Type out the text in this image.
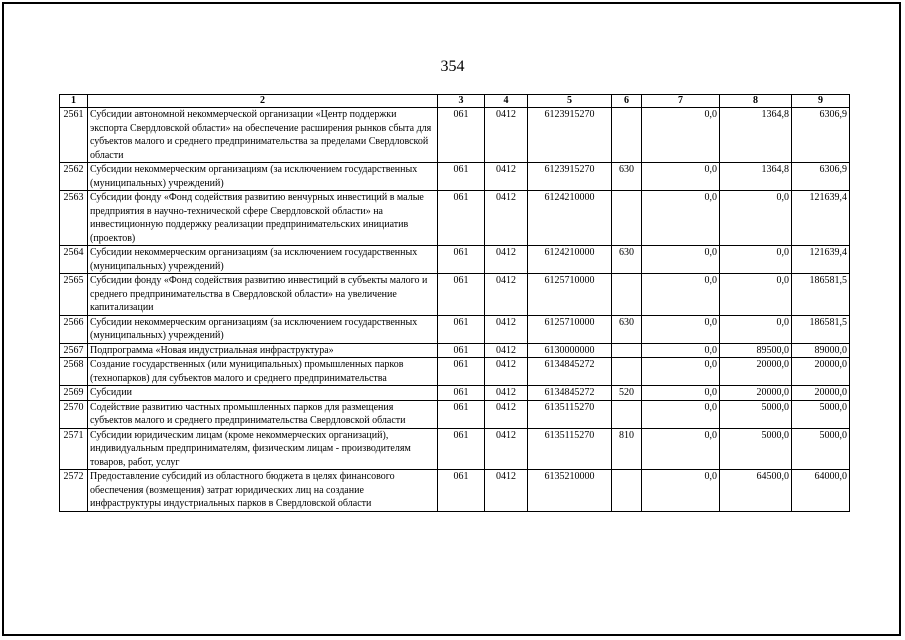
354
1	2	3	4	5	6	7	8	9
2561	Субсидии автономной некоммерческой организации «Центр поддержки экспорта Свердловской области» на обеспечение расширения рынков сбыта для субъектов малого и среднего предпринимательства за пределами Свердловской области	061	0412	6123915270		0,0	1364,8	6306,9
2562	Субсидии некоммерческим организациям (за исключением государственных (муниципальных) учреждений)	061	0412	6123915270	630	0,0	1364,8	6306,9
2563	Субсидии фонду «Фонд содействия развитию венчурных инвестиций в малые предприятия в научно-технической сфере Свердловской области» на инвестиционную поддержку реализации предпринимательских инициатив (проектов)	061	0412	6124210000		0,0	0,0	121639,4
2564	Субсидии некоммерческим организациям (за исключением государственных (муниципальных) учреждений)	061	0412	6124210000	630	0,0	0,0	121639,4
2565	Субсидии фонду «Фонд содействия развитию инвестиций в субъекты малого и среднего предпринимательства в Свердловской области» на увеличение капитализации	061	0412	6125710000		0,0	0,0	186581,5
2566	Субсидии некоммерческим организациям (за исключением государственных (муниципальных) учреждений)	061	0412	6125710000	630	0,0	0,0	186581,5
2567	Подпрограмма «Новая индустриальная инфраструктура»	061	0412	6130000000		0,0	89500,0	89000,0
2568	Создание государственных (или муниципальных) промышленных парков (технопарков) для субъектов малого и среднего предпринимательства	061	0412	6134845272		0,0	20000,0	20000,0
2569	Субсидии	061	0412	6134845272	520	0,0	20000,0	20000,0
2570	Содействие развитию частных промышленных парков для размещения субъектов малого и среднего предпринимательства Свердловской области	061	0412	6135115270		0,0	5000,0	5000,0
2571	Субсидии юридическим лицам (кроме некоммерческих организаций), индивидуальным предпринимателям, физическим лицам - производителям товаров, работ, услуг	061	0412	6135115270	810	0,0	5000,0	5000,0
2572	Предоставление субсидий из областного бюджета в целях финансового обеспечения (возмещения) затрат юридических лиц на создание инфраструктуры индустриальных парков в Свердловской области	061	0412	6135210000		0,0	64500,0	64000,0
